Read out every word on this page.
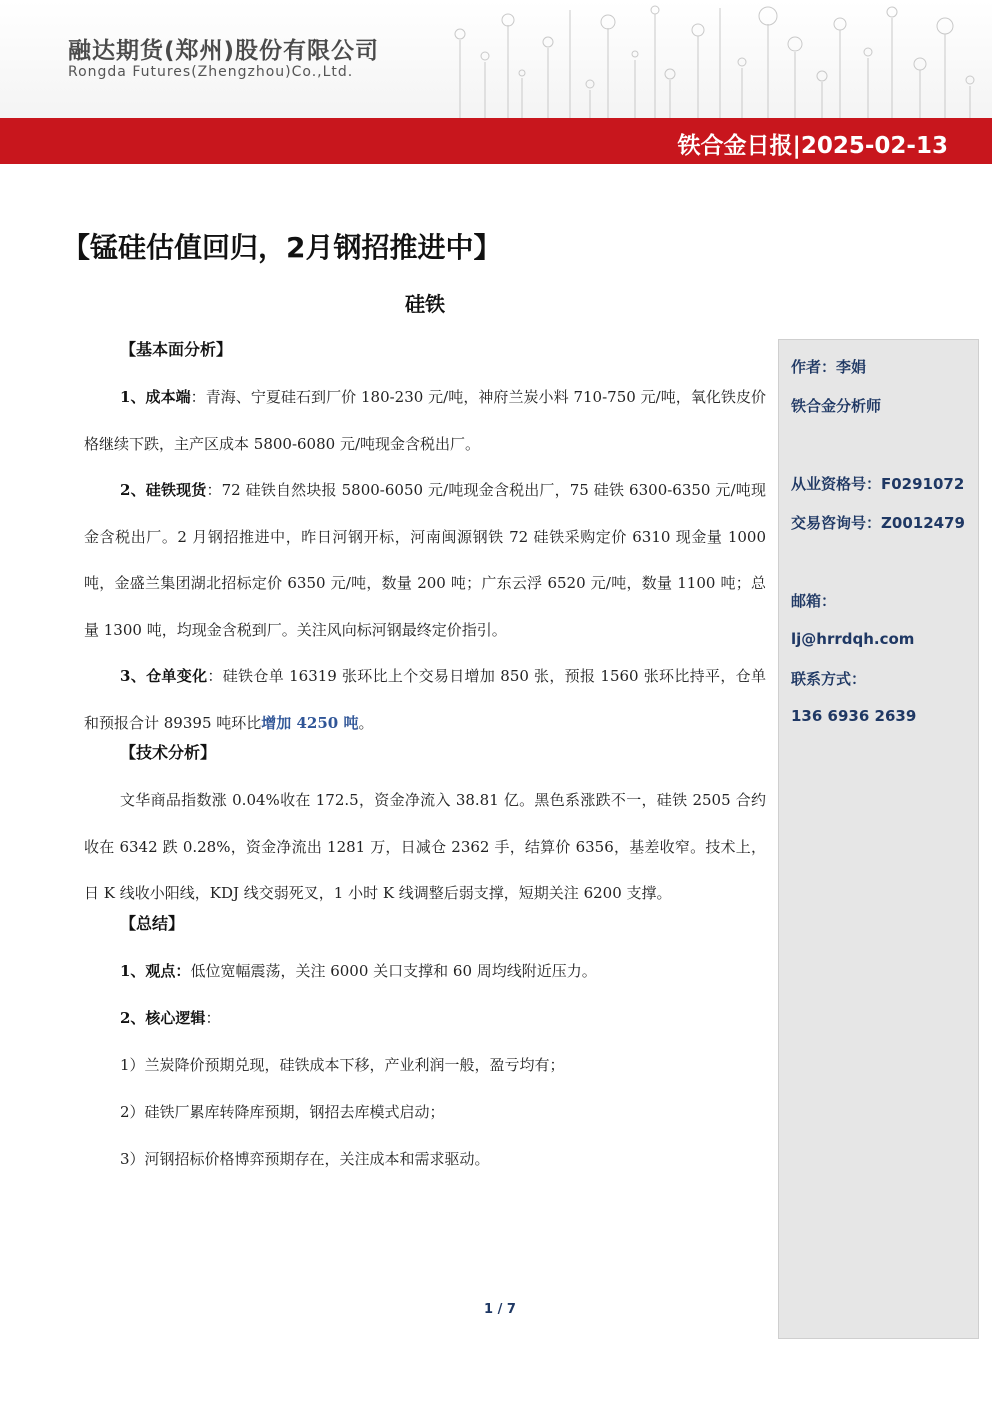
融达期货(郑州)股份有限公司
Rongda Futures(Zhengzhou)Co.,Ltd.
铁合金日报|2025-02-13
【锰硅估值回归，2月钢招推进中】
硅铁
【基本面分析】

1、成本端：青海、宁夏硅石到厂价 180-230 元/吨，神府兰炭小料 710-750 元/吨，氧化铁皮价格继续下跌，主产区成本 5800-6080 元/吨现金含税出厂。

2、硅铁现货：72 硅铁自然块报 5800-6050 元/吨现金含税出厂，75 硅铁 6300-6350 元/吨现金含税出厂。2 月钢招推进中，昨日河钢开标，河南闽源钢铁 72 硅铁采购定价 6310 现金量 1000 吨，金盛兰集团湖北招标定价 6350 元/吨，数量 200 吨；广东云浮 6520 元/吨，数量 1100 吨；总量 1300 吨，均现金含税到厂。关注风向标河钢最终定价指引。

3、仓单变化：硅铁仓单 16319 张环比上个交易日增加 850 张，预报 1560 张环比持平，仓单和预报合计 89395 吨环比增加 4250 吨。

【技术分析】

文华商品指数涨 0.04%收在 172.5，资金净流入 38.81 亿。黑色系涨跌不一，硅铁 2505 合约收在 6342 跌 0.28%，资金净流出 1281 万，日减仓 2362 手，结算价 6356，基差收窄。技术上，日 K 线收小阳线，KDJ 线交弱死叉，1 小时 K 线调整后弱支撑，短期关注 6200 支撑。

【总结】
1、观点：低位宽幅震荡，关注 6000 关口支撑和 60 周均线附近压力。
2、核心逻辑：
1）兰炭降价预期兑现，硅铁成本下移，产业利润一般，盈亏均有；
2）硅铁厂累库转降库预期，钢招去库模式启动；
3）河钢招标价格博弈预期存在，关注成本和需求驱动。
作者：李娟
铁合金分析师
从业资格号：F0291072
交易咨询号：Z0012479
邮箱：
lj@hrrdqh.com
联系方式：
136 6936 2639
1 / 7
